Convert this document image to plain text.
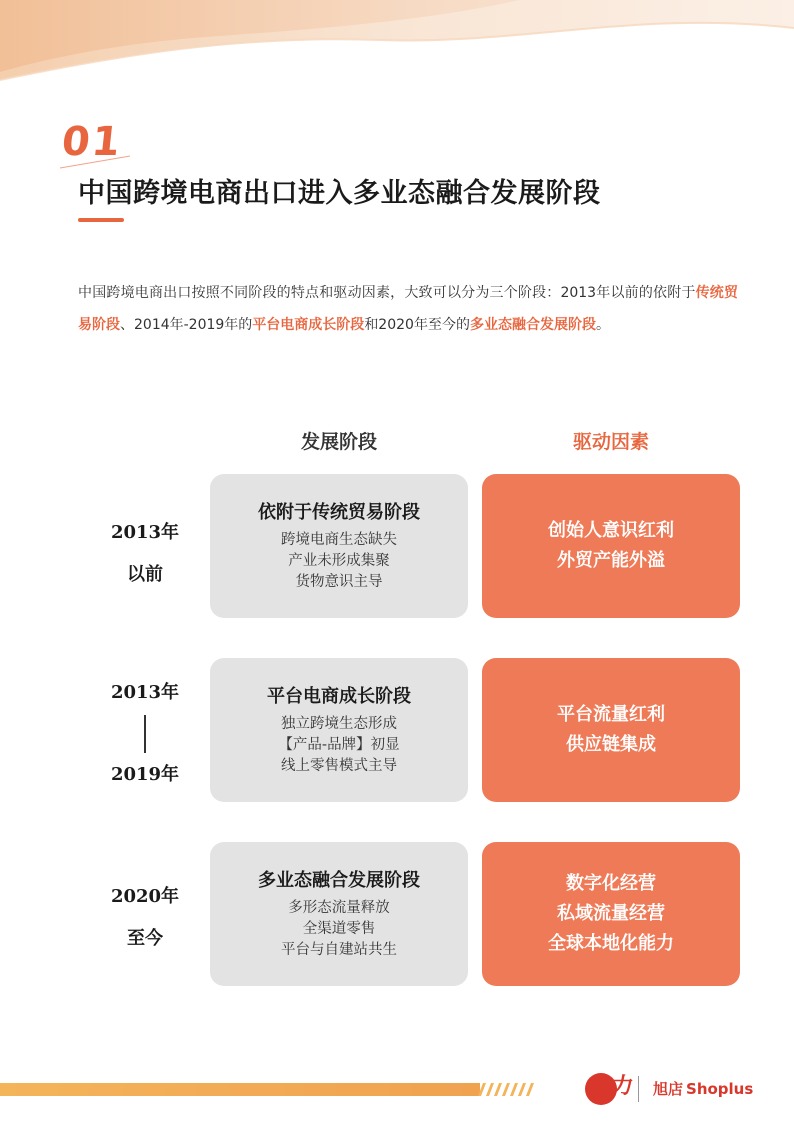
01
中国跨境电商出口进入多业态融合发展阶段

中国跨境电商出口按照不同阶段的特点和驱动因素，大致可以分为三个阶段：2013年以前的依附于传统贸易阶段、2014年-2019年的平台电商成长阶段和2020年至今的多业态融合发展阶段。

发展阶段	驱动因素
2013年
以前
依附于传统贸易阶段
跨境电商生态缺失
产业未形成集聚
货物意识主导
创始人意识红利
外贸产能外溢
2013年
2019年
平台电商成长阶段
独立跨境生态形成
【产品-品牌】初显
线上零售模式主导
平台流量红利
供应链集成
2020年
至今
多业态融合发展阶段
多形态流量释放
全渠道零售
平台与自建站共生
数字化经营
私域流量经营
全球本地化能力
力 旭店 Shoplus
